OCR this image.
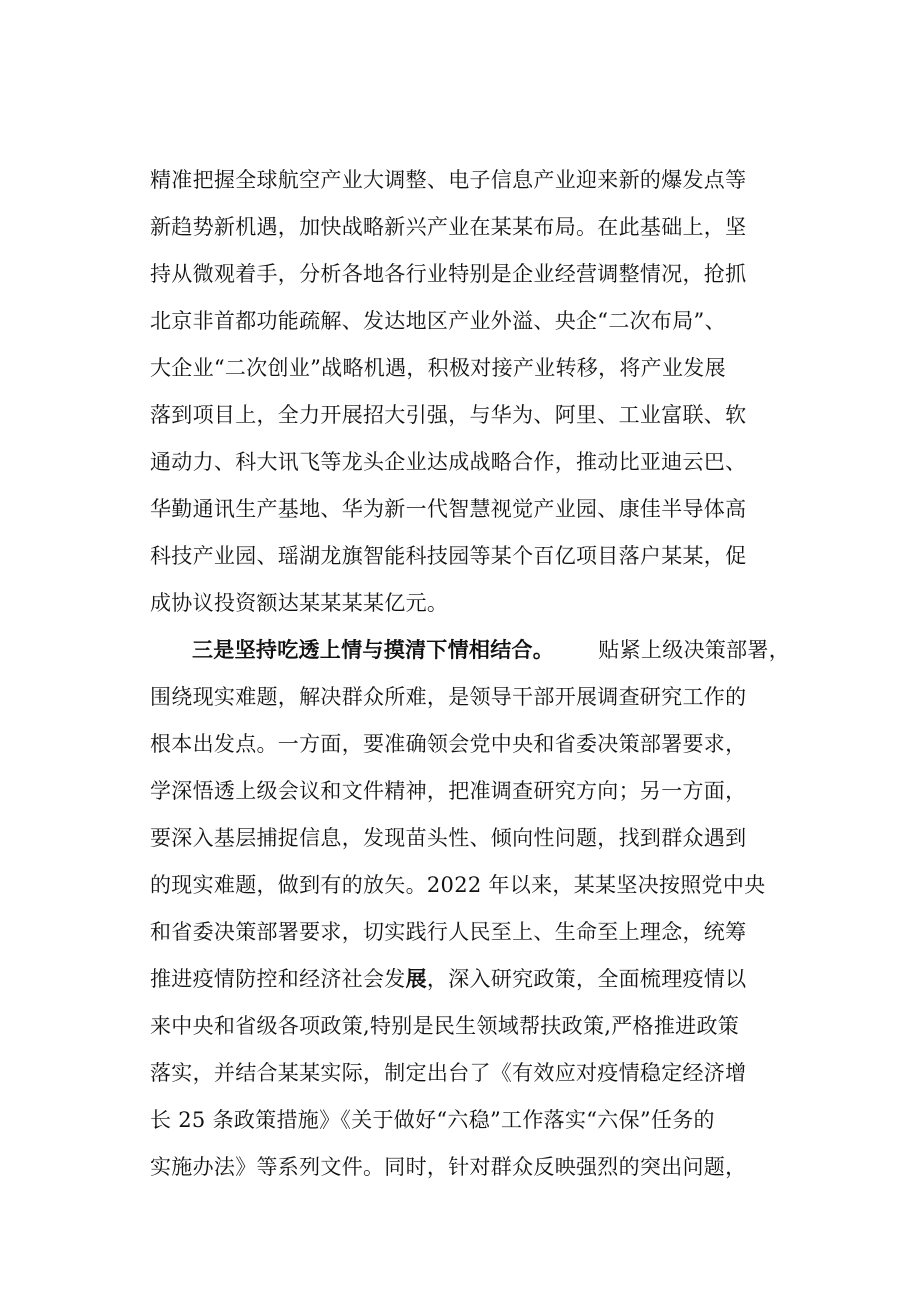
精准把握全球航空产业大调整、电子信息产业迎来新的爆发点等
新趋势新机遇，加快战略新兴产业在某某布局。在此基础上，坚
持从微观着手，分析各地各行业特别是企业经营调整情况，抢抓
北京非首都功能疏解、发达地区产业外溢、央企“二次布局”、
大企业“二次创业”战略机遇，积极对接产业转移，将产业发展
落到项目上，全力开展招大引强，与华为、阿里、工业富联、软
通动力、科大讯飞等龙头企业达成战略合作，推动比亚迪云巴、
华勤通讯生产基地、华为新一代智慧视觉产业园、康佳半导体高
科技产业园、瑶湖龙旗智能科技园等某个百亿项目落户某某，促
成协议投资额达某某某某亿元。
三是坚持吃透上情与摸清下情相结合。 贴紧上级决策部署，
围绕现实难题，解决群众所难，是领导干部开展调查研究工作的
根本出发点。一方面，要准确领会党中央和省委决策部署要求，
学深悟透上级会议和文件精神，把准调查研究方向；另一方面，
要深入基层捕捉信息，发现苗头性、倾向性问题，找到群众遇到
的现实难题，做到有的放矢。2022 年以来，某某坚决按照党中央
和省委决策部署要求，切实践行人民至上、生命至上理念，统筹
推进疫情防控和经济社会发展，深入研究政策，全面梳理疫情以
来中央和省级各项政策,特别是民生领域帮扶政策,严格推进政策
落实，并结合某某实际，制定出台了《有效应对疫情稳定经济增
长 25 条政策措施》《关于做好“六稳”工作落实“六保”任务的
实施办法》等系列文件。同时，针对群众反映强烈的突出问题，
